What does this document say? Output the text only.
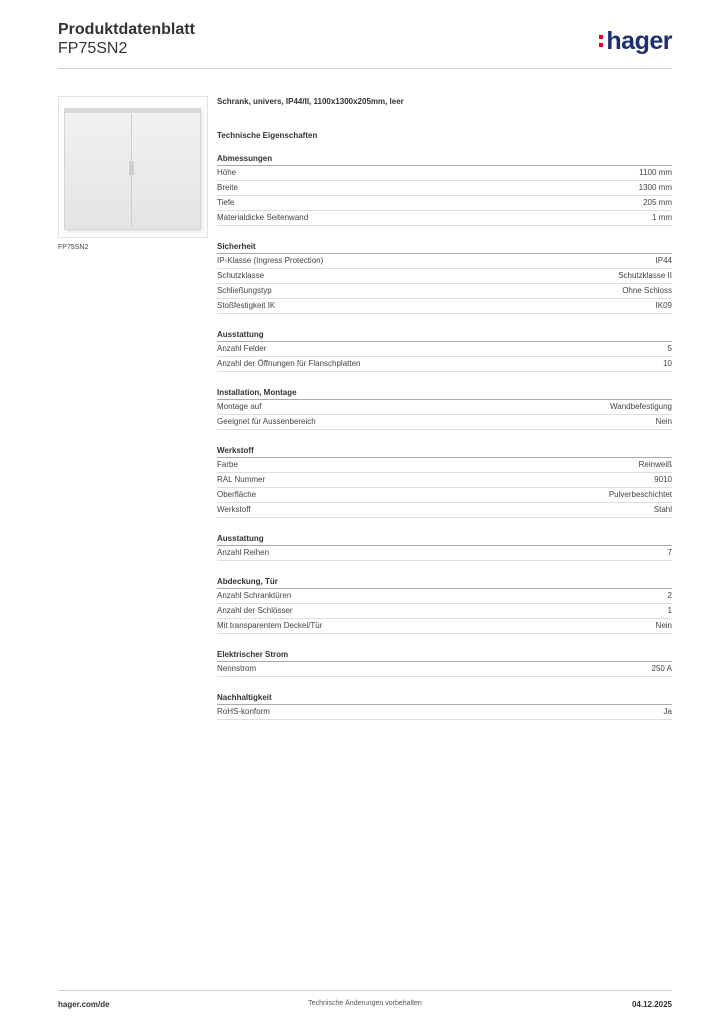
Produktdatenblatt
FP75SN2	hager
FP75SN2
Schrank, univers, IP44/II, 1100x1300x205mm, leer
Technische Eigenschaften
Abmessungen
Höhe	1100 mm
Breite	1300 mm
Tiefe	205 mm
Materialdicke Seitenwand	1 mm
Sicherheit
IP-Klasse (Ingress Protection)	IP44
Schutzklasse	Schutzklasse II
Schließungstyp	Ohne Schloss
Stoßfestigkeit IK	IK09
Ausstattung
Anzahl Felder	5
Anzahl der Öffnungen für Flanschplatten	10
Installation, Montage
Montage auf	Wandbefestigung
Geeignet für Aussenbereich	Nein
Werkstoff
Farbe	Reinweiß
RAL Nummer	9010
Oberfläche	Pulverbeschichtet
Werkstoff	Stahl
Ausstattung
Anzahl Reihen	7
Abdeckung, Tür
Anzahl Schranktüren	2
Anzahl der Schlösser	1
Mit transparentem Deckel/Tür	Nein
Elektrischer Strom
Nennstrom	250 A
Nachhaltigkeit
RoHS-konform	Ja
hager.com/de	Technische Änderungen vorbehalten	04.12.2025
